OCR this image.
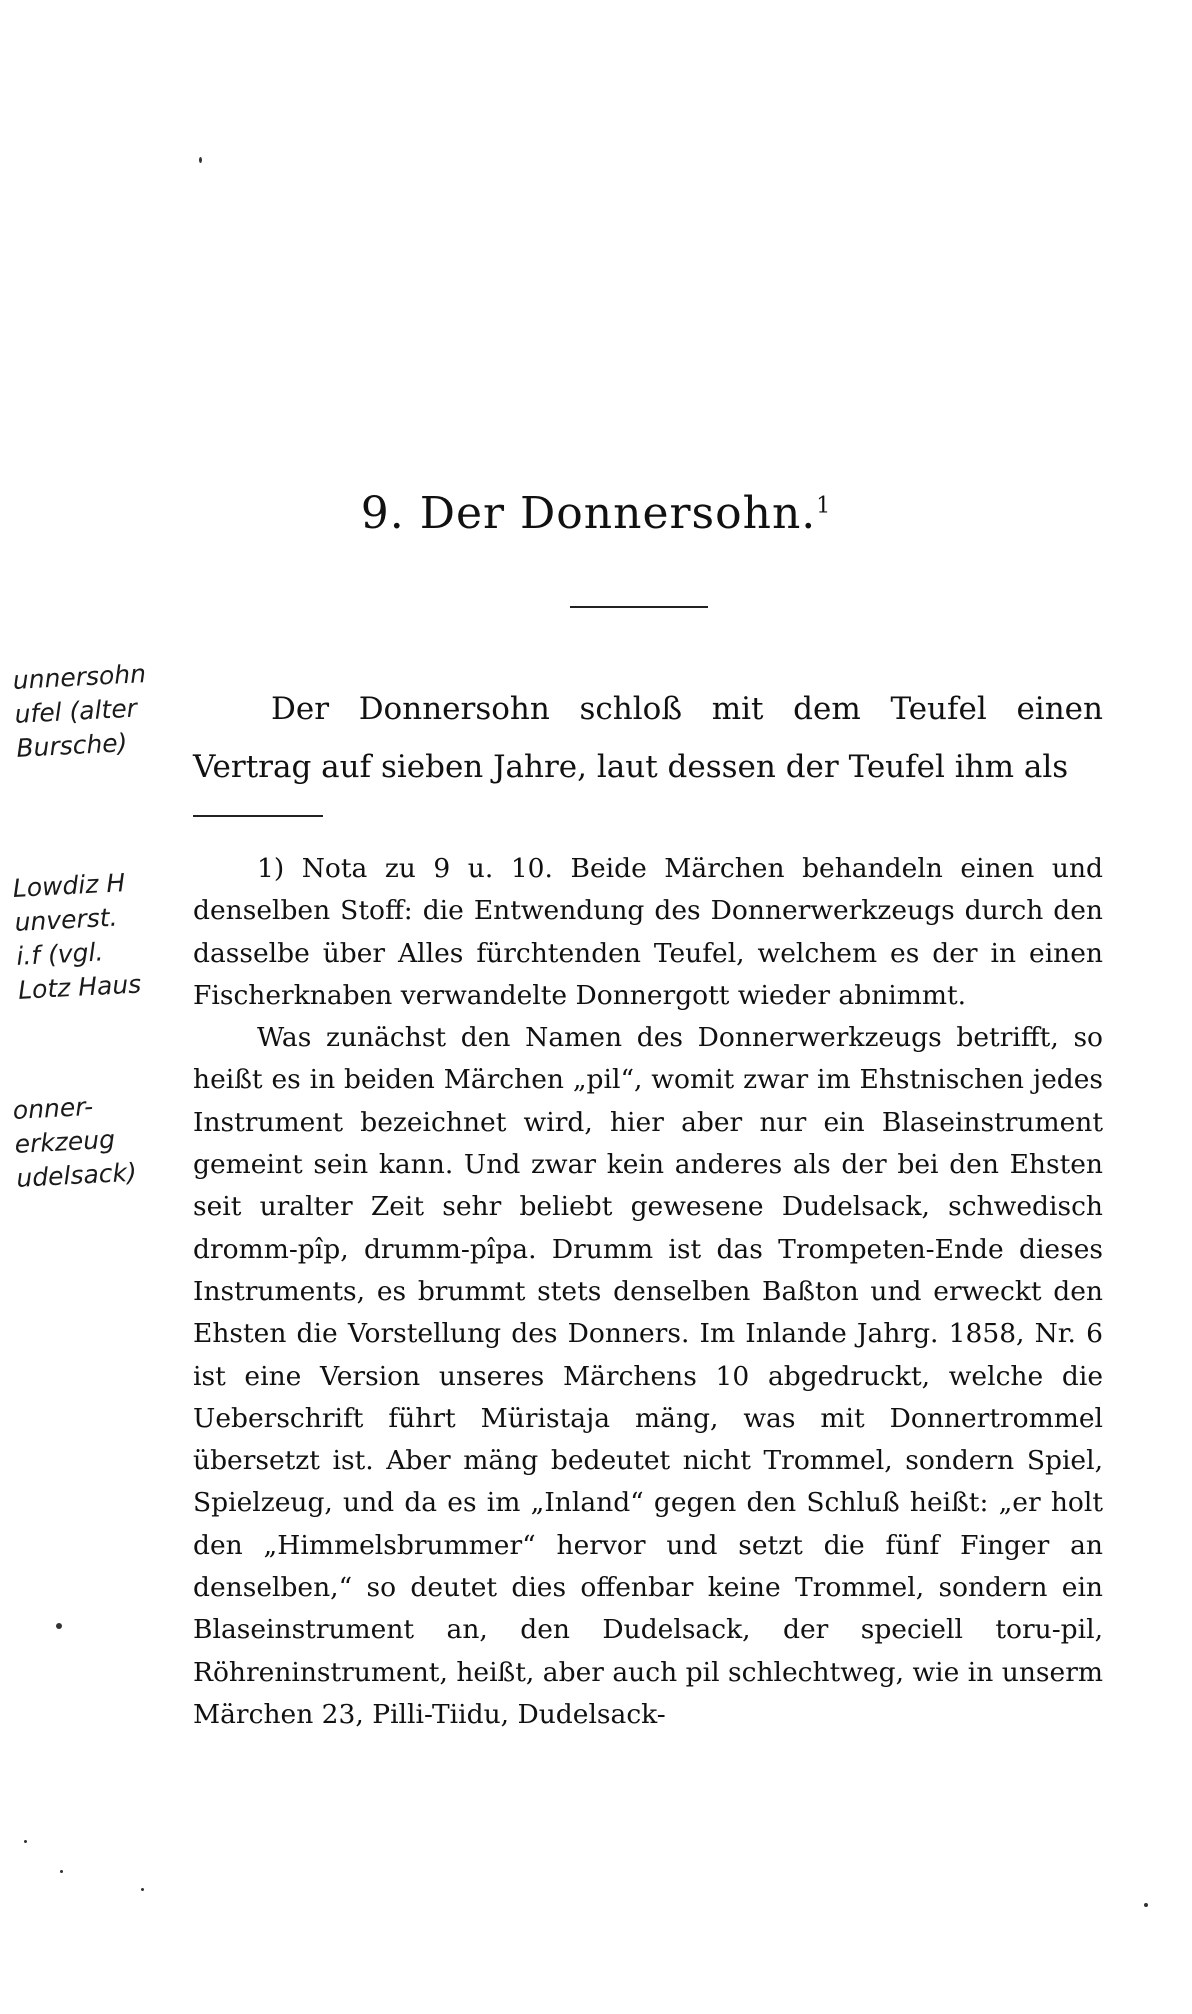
9. Der Donnersohn.$^1$

Der Donnersohn schloß mit dem Teufel einen Vertrag auf sieben Jahre, laut dessen der Teufel ihm als

1) Nota zu 9 u. 10. Beide Märchen behandeln einen und denselben Stoff: die Entwendung des Donnerwerkzeugs durch den dasselbe über Alles fürchtenden Teufel, welchem es der in einen Fischerknaben verwandelte Donnergott wieder abnimmt.

Was zunächst den Namen des Donnerwerkzeugs betrifft, so heißt es in beiden Märchen „pil“, womit zwar im Ehstnischen jedes Instrument bezeichnet wird, hier aber nur ein Blaseinstrument gemeint sein kann. Und zwar kein anderes als der bei den Ehsten seit uralter Zeit sehr beliebt gewesene Dudelsack, schwedisch dromm-pîp, drumm-pîpa. Drumm ist das Trompeten-Ende dieses Instruments, es brummt stets denselben Baßton und erweckt den Ehsten die Vorstellung des Donners. Im Inlande Jahrg. 1858, Nr. 6 ist eine Version unseres Märchens 10 abgedruckt, welche die Ueberschrift führt Müristaja mäng, was mit Donnertrommel übersetzt ist. Aber mäng bedeutet nicht Trommel, sondern Spiel, Spielzeug, und da es im „Inland“ gegen den Schluß heißt: „er holt den „Himmelsbrummer“ hervor und setzt die fünf Finger an denselben,“ so deutet dies offenbar keine Trommel, sondern ein Blaseinstrument an, den Dudelsack, der speciell toru-pil, Röhreninstrument, heißt, aber auch pil schlechtweg, wie in unserm Märchen 23, Pilli-Tiidu, Dudelsack-

unnersohn
ufel (alter
Bursche)
Lowdiz H
unverst.
i.f (vgl.
Lotz Haus
onner-
erkzeug
udelsack)
